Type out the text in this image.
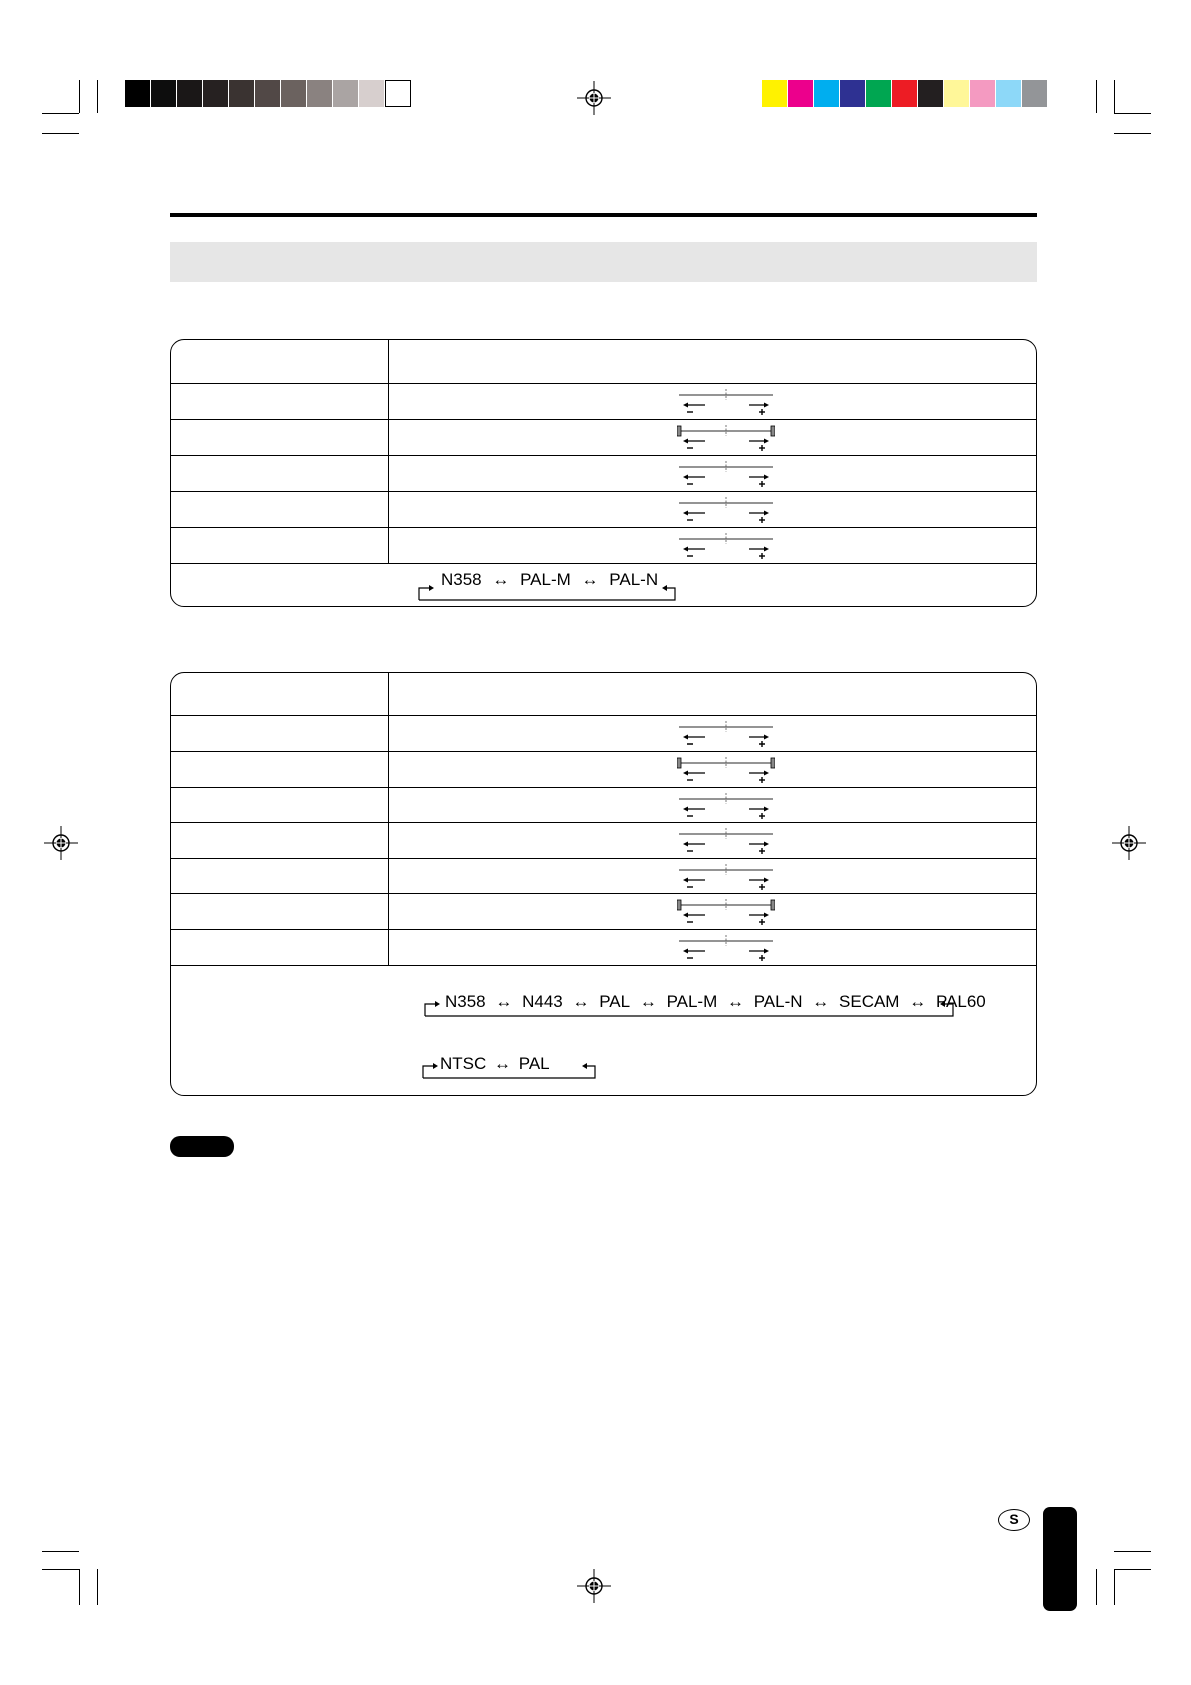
N358 ↔ PAL-M ↔ PAL-N
N358 ↔ N443 ↔ PAL ↔ PAL-M ↔ PAL-N ↔ SECAM ↔ PAL60
NTSC ↔ PAL
S
